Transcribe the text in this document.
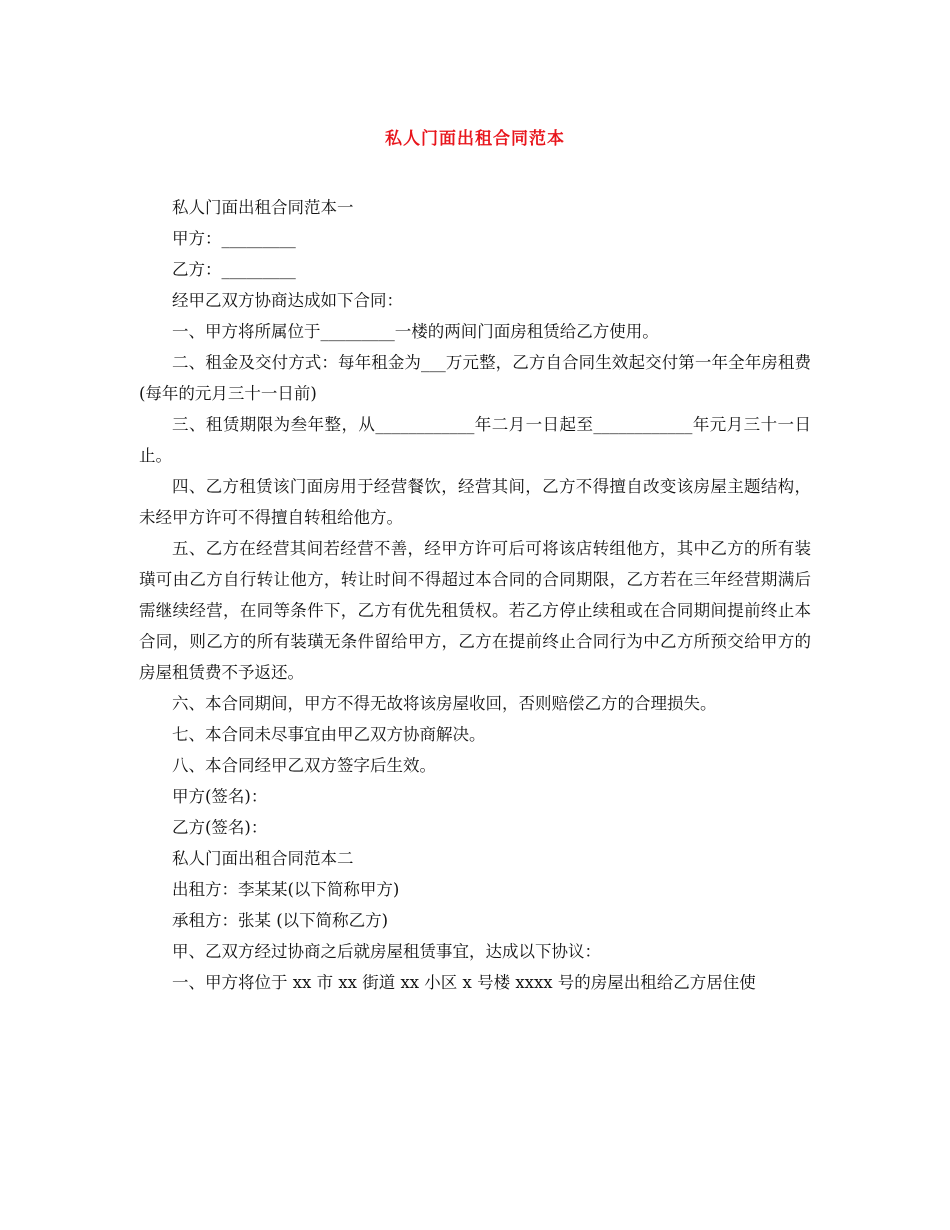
私人门面出租合同范本

私人门面出租合同范本一

甲方：_________

乙方：_________

经甲乙双方协商达成如下合同：

一、甲方将所属位于_________一楼的两间门面房租赁给乙方使用。

二、租金及交付方式：每年租金为___万元整，乙方自合同生效起交付第一年全年房租费(每年的元月三十一日前)

三、租赁期限为叁年整，从____________年二月一日起至____________年元月三十一日止。

四、乙方租赁该门面房用于经营餐饮，经营其间，乙方不得擅自改变该房屋主题结构，未经甲方许可不得擅自转租给他方。

五、乙方在经营其间若经营不善，经甲方许可后可将该店转组他方，其中乙方的所有装璜可由乙方自行转让他方，转让时间不得超过本合同的合同期限，乙方若在三年经营期满后需继续经营，在同等条件下，乙方有优先租赁权。若乙方停止续租或在合同期间提前终止本合同，则乙方的所有装璜无条件留给甲方，乙方在提前终止合同行为中乙方所预交给甲方的房屋租赁费不予返还。

六、本合同期间，甲方不得无故将该房屋收回，否则赔偿乙方的合理损失。

七、本合同未尽事宜由甲乙双方协商解决。

八、本合同经甲乙双方签字后生效。

甲方(签名)：

乙方(签名)：

私人门面出租合同范本二

出租方：李某某(以下简称甲方)

承租方：张某 (以下简称乙方)

甲、乙双方经过协商之后就房屋租赁事宜，达成以下协议：

一、甲方将位于 xx 市 xx 街道 xx 小区 x 号楼 xxxx 号的房屋出租给乙方居住使
